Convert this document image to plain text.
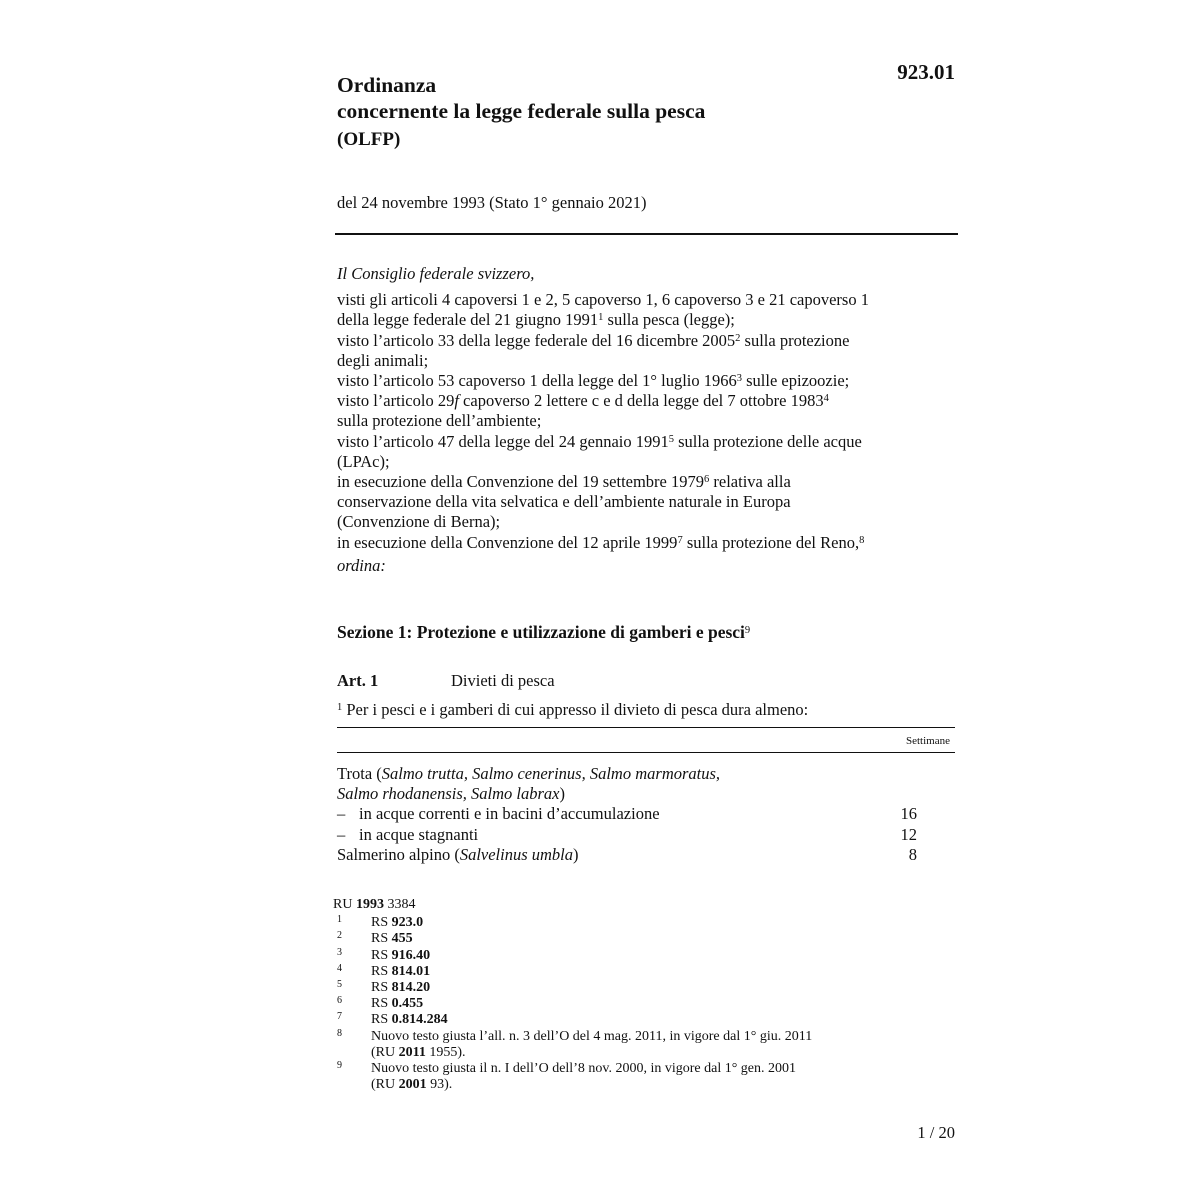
923.01
Ordinanza
concernente la legge federale sulla pesca
(OLFP)
del 24 novembre 1993 (Stato 1° gennaio 2021)
Il Consiglio federale svizzero,
visti gli articoli 4 capoversi 1 e 2, 5 capoverso 1, 6 capoverso 3 e 21 capoverso 1
della legge federale del 21 giugno 1991$^1$ sulla pesca (legge);
visto l’articolo 33 della legge federale del 16 dicembre 2005$^2$ sulla protezione
degli animali;
visto l’articolo 53 capoverso 1 della legge del 1° luglio 1966$^3$ sulle epizoozie;
visto l’articolo 29f capoverso 2 lettere c e d della legge del 7 ottobre 1983$^4$
sulla protezione dell’ambiente;
visto l’articolo 47 della legge del 24 gennaio 1991$^5$ sulla protezione delle acque
(LPAc);
in esecuzione della Convenzione del 19 settembre 1979$^6$ relativa alla
conservazione della vita selvatica e dell’ambiente naturale in Europa
(Convenzione di Berna);
in esecuzione della Convenzione del 12 aprile 1999$^7$ sulla protezione del Reno,$^8$
ordina:
Sezione 1: Protezione e utilizzazione di gamberi e pesci$^9$
Art. 1	Divieti di pesca
$^1$ Per i pesci e i gamberi di cui appresso il divieto di pesca dura almeno:
Settimane
Trota (Salmo trutta, Salmo cenerinus, Salmo marmoratus,
Salmo rhodanensis, Salmo labrax)
– in acque correnti e in bacini d’accumulazione	16
– in acque stagnanti	12
Salmerino alpino (Salvelinus umbla)	8
RU 1993 3384
1	RS 923.0
2	RS 455
3	RS 916.40
4	RS 814.01
5	RS 814.20
6	RS 0.455
7	RS 0.814.284
8	Nuovo testo giusta l’all. n. 3 dell’O del 4 mag. 2011, in vigore dal 1° giu. 2011
(RU 2011 1955).
9	Nuovo testo giusta il n. I dell’O dell’8 nov. 2000, in vigore dal 1° gen. 2001
(RU 2001 93).
1 / 20
